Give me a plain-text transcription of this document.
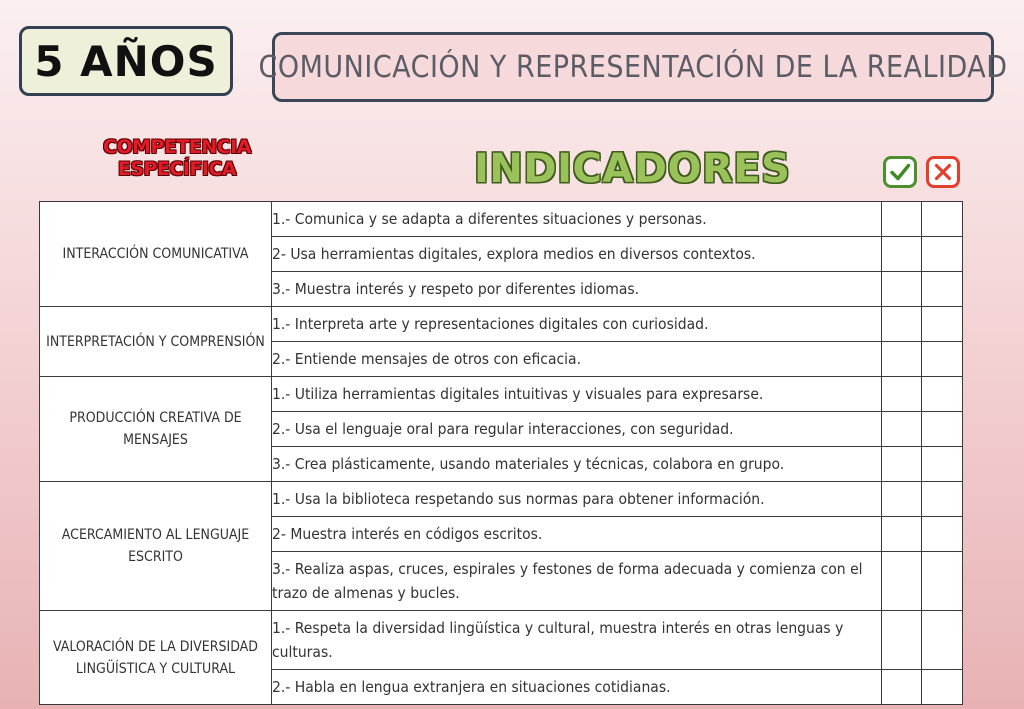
5 AÑOS COMUNICACIÓN Y REPRESENTACIÓN DE LA REALIDAD
COMPETENCIA ESPECÍFICA	INDICADORES
INTERACCIÓN COMUNICATIVA	1.- Comunica y se adapta a diferentes situaciones y personas.		
	2- Usa herramientas digitales, explora medios en diversos contextos.		
	3.- Muestra interés y respeto por diferentes idiomas.		
INTERPRETACIÓN Y COMPRENSIÓN	1.- Interpreta arte y representaciones digitales con curiosidad.		
	2.- Entiende mensajes de otros con eficacia.		
PRODUCCIÓN CREATIVA DE MENSAJES	1.- Utiliza herramientas digitales intuitivas y visuales para expresarse.		
	2.- Usa el lenguaje oral para regular interacciones, con seguridad.		
	3.- Crea plásticamente, usando materiales y técnicas, colabora en grupo.		
ACERCAMIENTO AL LENGUAJE ESCRITO	1.- Usa la biblioteca respetando sus normas para obtener información.		
	2- Muestra interés en códigos escritos.		
	3.- Realiza aspas, cruces, espirales y festones de forma adecuada y comienza con el trazo de almenas y bucles.		
VALORACIÓN DE LA DIVERSIDAD LINGÜÍSTICA Y CULTURAL	1.- Respeta la diversidad lingüística y cultural, muestra interés en otras lenguas y culturas.		
	2.- Habla en lengua extranjera en situaciones cotidianas.		
